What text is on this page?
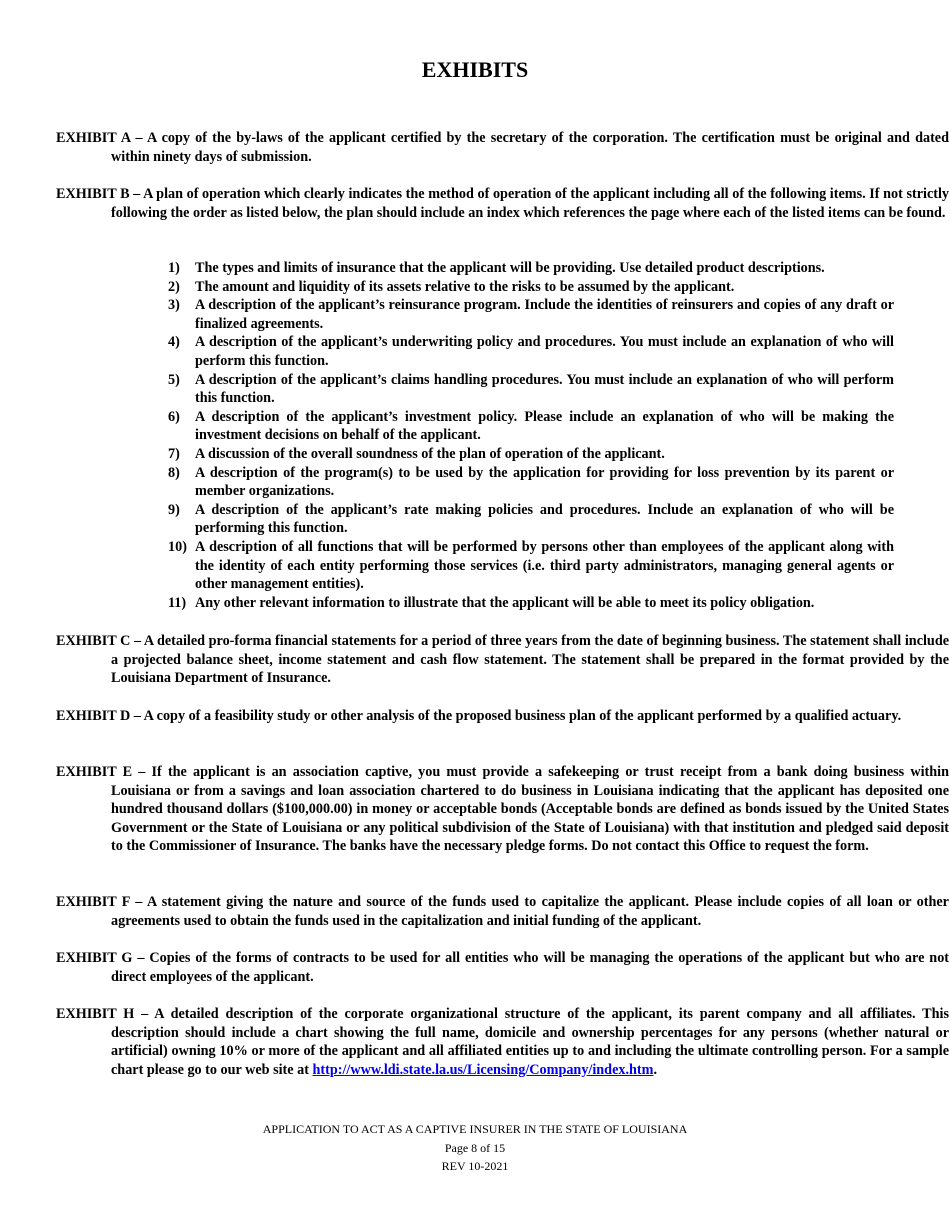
EXHIBITS
EXHIBIT A – A copy of the by-laws of the applicant certified by the secretary of the corporation. The certification must be original and dated within ninety days of submission.
EXHIBIT B – A plan of operation which clearly indicates the method of operation of the applicant including all of the following items. If not strictly following the order as listed below, the plan should include an index which references the page where each of the listed items can be found.
1) The types and limits of insurance that the applicant will be providing. Use detailed product descriptions.
2) The amount and liquidity of its assets relative to the risks to be assumed by the applicant.
3) A description of the applicant’s reinsurance program. Include the identities of reinsurers and copies of any draft or finalized agreements.
4) A description of the applicant’s underwriting policy and procedures. You must include an explanation of who will perform this function.
5) A description of the applicant’s claims handling procedures. You must include an explanation of who will perform this function.
6) A description of the applicant’s investment policy. Please include an explanation of who will be making the investment decisions on behalf of the applicant.
7) A discussion of the overall soundness of the plan of operation of the applicant.
8) A description of the program(s) to be used by the application for providing for loss prevention by its parent or member organizations.
9) A description of the applicant’s rate making policies and procedures. Include an explanation of who will be performing this function.
10) A description of all functions that will be performed by persons other than employees of the applicant along with the identity of each entity performing those services (i.e. third party administrators, managing general agents or other management entities).
11) Any other relevant information to illustrate that the applicant will be able to meet its policy obligation.
EXHIBIT C – A detailed pro-forma financial statements for a period of three years from the date of beginning business. The statement shall include a projected balance sheet, income statement and cash flow statement. The statement shall be prepared in the format provided by the Louisiana Department of Insurance.
EXHIBIT D – A copy of a feasibility study or other analysis of the proposed business plan of the applicant performed by a qualified actuary.
EXHIBIT E – If the applicant is an association captive, you must provide a safekeeping or trust receipt from a bank doing business within Louisiana or from a savings and loan association chartered to do business in Louisiana indicating that the applicant has deposited one hundred thousand dollars ($100,000.00) in money or acceptable bonds (Acceptable bonds are defined as bonds issued by the United States Government or the State of Louisiana or any political subdivision of the State of Louisiana) with that institution and pledged said deposit to the Commissioner of Insurance. The banks have the necessary pledge forms. Do not contact this Office to request the form.
EXHIBIT F – A statement giving the nature and source of the funds used to capitalize the applicant. Please include copies of all loan or other agreements used to obtain the funds used in the capitalization and initial funding of the applicant.
EXHIBIT G – Copies of the forms of contracts to be used for all entities who will be managing the operations of the applicant but who are not direct employees of the applicant.
EXHIBIT H – A detailed description of the corporate organizational structure of the applicant, its parent company and all affiliates. This description should include a chart showing the full name, domicile and ownership percentages for any persons (whether natural or artificial) owning 10% or more of the applicant and all affiliated entities up to and including the ultimate controlling person. For a sample chart please go to our web site at http://www.ldi.state.la.us/Licensing/Company/index.htm.
APPLICATION TO ACT AS A CAPTIVE INSURER IN THE STATE OF LOUISIANA
Page 8 of 15
REV 10-2021
